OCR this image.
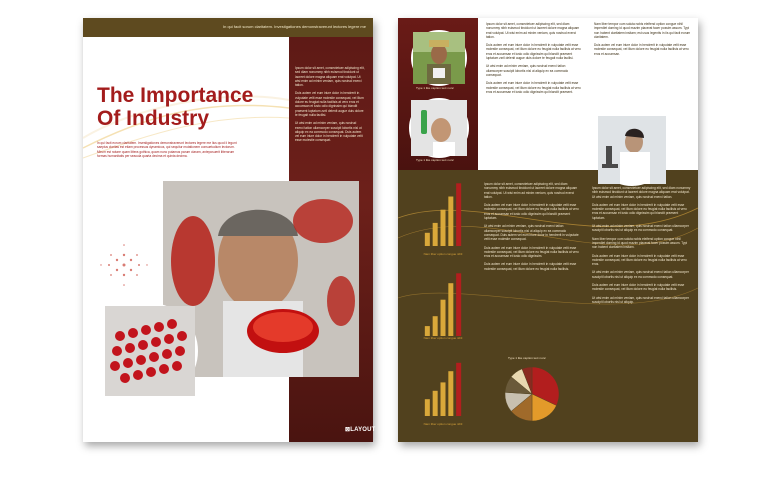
In qui facit sorum claritatem. Investigationes demonstraverunt lectores legere me
The Importance
Of Industry
In qui facit eorum claritatem. Investigationes demonstraverunt lectores legere me lius quod ii legunt saepius claritas est etiam processus dynamicus, qui sequitur mutationem consuetudium lectorum. Mirum est notare quam littera gothica, quam nunc putamus parum claram, anteposuerit litterarum formas humanitatis per seacula quarta decima et quinta decima.

Ipsum dolor sit amet, consectetuer adipiscing elit, sed diam nonummy nibh euismod tincidunt ut laoreet dolore magna aliquam erat volutpat. Ut wisi enim ad minim veniam, quis nostrud exerci tation.

Duis autem vel eum iriure dolor in hendrerit in vulputate velit esse molestie consequat, vel illum dolore eu feugiat nulla facilisis at vero eros et accumsan et iusto odio dignissim qui blandit praesent luptatum zzril delenit augue duis dolore te feugait nulla facilisi.

Ut wisi enim ad minim veniam, quis nostrud exerci tation ullamcorper suscipit lobortis nisl ut aliquip ex ea commodo consequat. Duis autem vel eum iriure dolor in hendrerit in vulputate velit esse molestie consequat.

⊠LAYOUT
Type 1 like caption text nunc
Type 1 like caption text nunc

Ipsum dolor sit amet, consectetuer adipiscing elit, sed diam nonummy nibh euismod tincidunt ut laoreet dolore magna aliquam erat volutpat. Ut wisi enim ad minim veniam, quis nostrud exerci tation.

Duis autem vel eum iriure dolor in hendrerit in vulputate velit esse molestie consequat, vel illum dolore eu feugiat nulla facilisis at vero eros et accumsan et iusto odio dignissim qui blandit praesent luptatum zzril delenit augue duis dolore te feugait nulla facilisi.

Ut wisi enim ad minim veniam, quis nostrud exerci tation ullamcorper suscipit lobortis nisl ut aliquip ex ea commodo consequat.

Duis autem vel eum iriure dolor in hendrerit in vulputate velit esse molestie consequat, vel illum dolore eu feugiat nulla facilisis at vero eros et accumsan et iusto odio dignissim qui blandit praesent.

Nam liber tempor cum soluta nobis eleifend option congue nihil imperdiet doming id quod mazim placerat facer possim assum. Typi non habent claritatem insitam; est usus legentis in iis qui facit eorum claritatem.

Duis autem vel eum iriure dolor in hendrerit in vulputate velit esse molestie consequat, vel illum dolore eu feugiat nulla facilisis at vero eros et accumsan.

Nam liber option congue nihil
Nam liber option congue nihil
Nam liber option congue nihil

Ipsum dolor sit amet, consectetuer adipiscing elit, sed diam nonummy nibh euismod tincidunt ut laoreet dolore magna aliquam erat volutpat. Ut wisi enim ad minim veniam, quis nostrud exerci tation.

Duis autem vel eum iriure dolor in hendrerit in vulputate velit esse molestie consequat, vel illum dolore eu feugiat nulla facilisis at vero eros et accumsan et iusto odio dignissim qui blandit praesent luptatum.

Ut wisi enim ad minim veniam, quis nostrud exerci tation ullamcorper suscipit lobortis nisl ut aliquip ex ea commodo consequat. Duis autem vel eum iriure dolor in hendrerit in vulputate velit esse molestie consequat.

Duis autem vel eum iriure dolor in hendrerit in vulputate velit esse molestie consequat, vel illum dolore eu feugiat nulla facilisis at vero eros et accumsan et iusto odio dignissim.

Duis autem vel eum iriure dolor in hendrerit in vulputate velit esse molestie consequat, vel illum dolore eu feugiat nulla facilisis.

Ipsum dolor sit amet, consectetuer adipiscing elit, sed diam nonummy nibh euismod tincidunt ut laoreet dolore magna aliquam erat volutpat. Ut wisi enim ad minim veniam, quis nostrud exerci tation.

Duis autem vel eum iriure dolor in hendrerit in vulputate velit esse molestie consequat, vel illum dolore eu feugiat nulla facilisis at vero eros et accumsan et iusto odio dignissim qui blandit praesent luptatum.

Ut wisi enim ad minim veniam, quis nostrud exerci tation ullamcorper suscipit lobortis nisl ut aliquip ex ea commodo consequat.

Nam liber tempor cum soluta nobis eleifend option congue nihil imperdiet doming id quod mazim placerat facer possim assum. Typi non habent claritatem insitam.

Duis autem vel eum iriure dolor in hendrerit in vulputate velit esse molestie consequat, vel illum dolore eu feugiat nulla facilisis at vero eros.

Ut wisi enim ad minim veniam, quis nostrud exerci tation ullamcorper suscipit lobortis nisl ut aliquip ex ea commodo consequat.

Duis autem vel eum iriure dolor in hendrerit in vulputate velit esse molestie consequat, vel illum dolore eu feugiat nulla facilisis.

Ut wisi enim ad minim veniam, quis nostrud exerci tation ullamcorper suscipit lobortis nisl ut aliquip.

Type 1 like caption text nunc
